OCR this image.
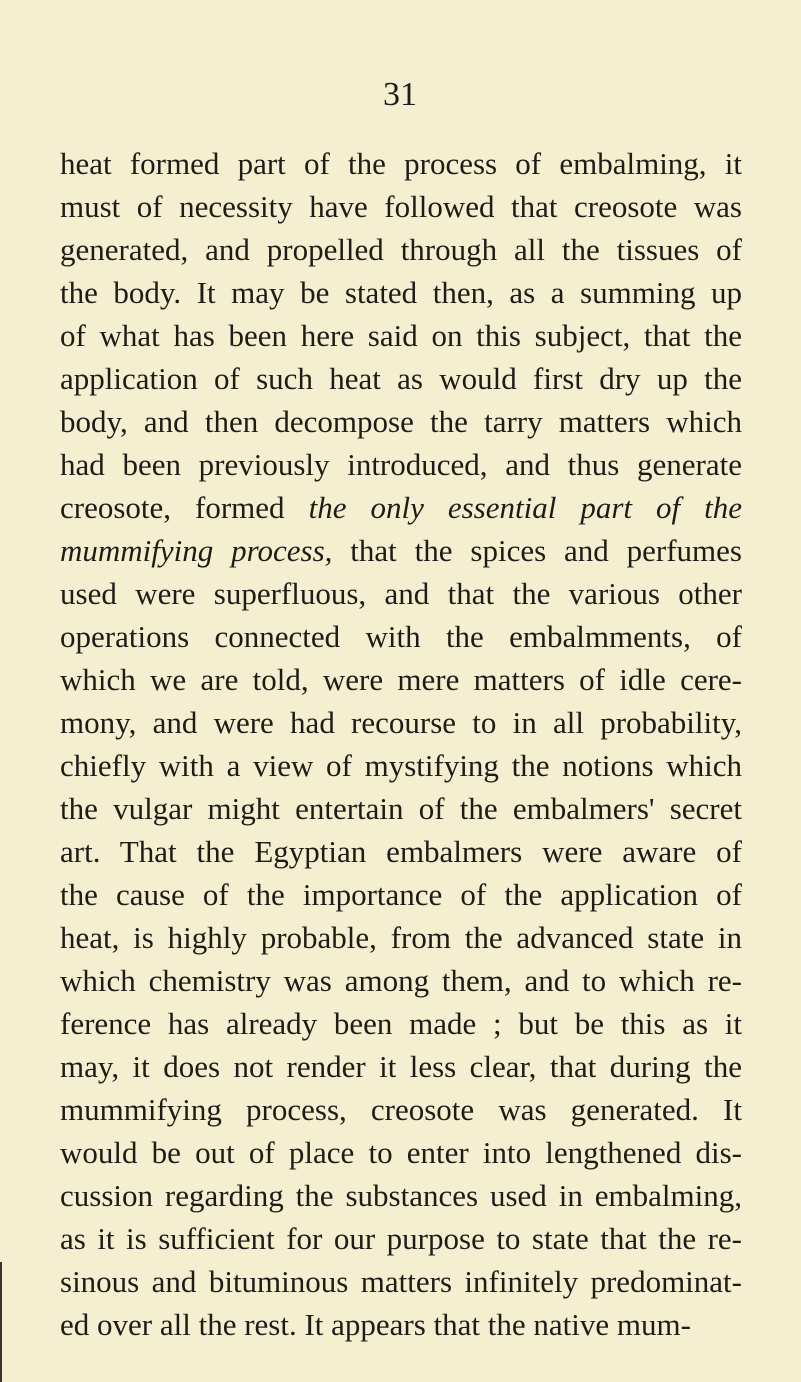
31
heat formed part of the process of embalming, it
must of necessity have followed that creosote was
generated, and propelled through all the tissues of
the body. It may be stated then, as a summing up
of what has been here said on this subject, that the
application of such heat as would first dry up the
body, and then decompose the tarry matters which
had been previously introduced, and thus generate
creosote, formed the only essential part of the
mummifying process, that the spices and perfumes
used were superfluous, and that the various other
operations connected with the embalmments, of
which we are told, were mere matters of idle cere-
mony, and were had recourse to in all probability,
chiefly with a view of mystifying the notions which
the vulgar might entertain of the embalmers' secret
art. That the Egyptian embalmers were aware of
the cause of the importance of the application of
heat, is highly probable, from the advanced state in
which chemistry was among them, and to which re-
ference has already been made ; but be this as it
may, it does not render it less clear, that during the
mummifying process, creosote was generated. It
would be out of place to enter into lengthened dis-
cussion regarding the substances used in embalming,
as it is sufficient for our purpose to state that the re-
sinous and bituminous matters infinitely predominat-
ed over all the rest. It appears that the native mum-
